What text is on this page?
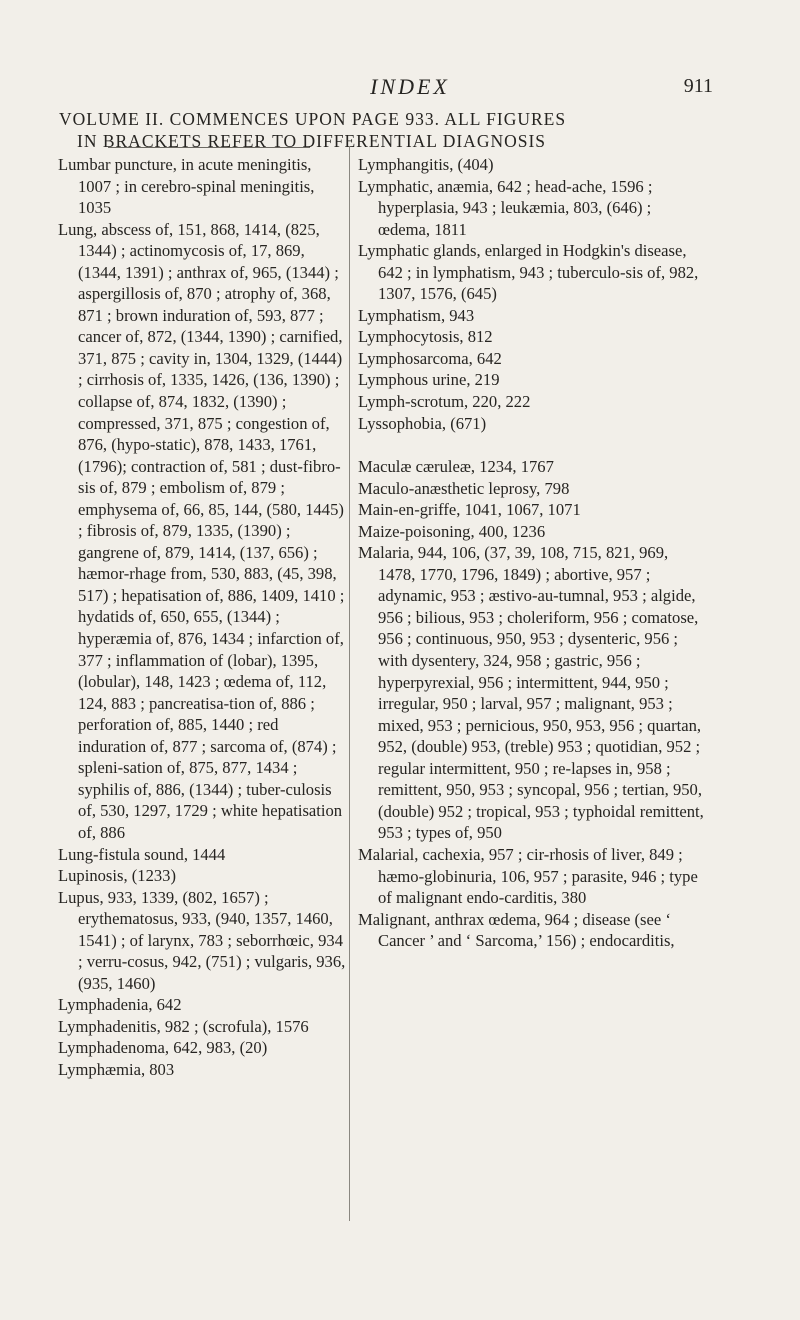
INDEX	911
VOLUME II. COMMENCES UPON PAGE 933. ALL FIGURES
IN BRACKETS REFER TO DIFFERENTIAL DIAGNOSIS
Lumbar puncture, in acute meningitis, 1007 ; in cerebro-spinal meningitis, 1035
Lung, abscess of, 151, 868, 1414, (825, 1344) ; actinomycosis of, 17, 869, (1344, 1391) ; anthrax of, 965, (1344) ; aspergillosis of, 870 ; atrophy of, 368, 871 ; brown induration of, 593, 877 ; cancer of, 872, (1344, 1390) ; carnified, 371, 875 ; cavity in, 1304, 1329, (1444) ; cirrhosis of, 1335, 1426, (136, 1390) ; collapse of, 874, 1832, (1390) ; compressed, 371, 875 ; congestion of, 876, (hypo-static), 878, 1433, 1761, (1796); contraction of, 581 ; dust-fibro-sis of, 879 ; embolism of, 879 ; emphysema of, 66, 85, 144, (580, 1445) ; fibrosis of, 879, 1335, (1390) ; gangrene of, 879, 1414, (137, 656) ; hæmor-rhage from, 530, 883, (45, 398, 517) ; hepatisation of, 886, 1409, 1410 ; hydatids of, 650, 655, (1344) ; hyperæmia of, 876, 1434 ; infarction of, 377 ; inflammation of (lobar), 1395, (lobular), 148, 1423 ; œdema of, 112, 124, 883 ; pancreatisa-tion of, 886 ; perforation of, 885, 1440 ; red induration of, 877 ; sarcoma of, (874) ; spleni-sation of, 875, 877, 1434 ; syphilis of, 886, (1344) ; tuber-culosis of, 530, 1297, 1729 ; white hepatisation of, 886
Lung-fistula sound, 1444
Lupinosis, (1233)
Lupus, 933, 1339, (802, 1657) ; erythematosus, 933, (940, 1357, 1460, 1541) ; of larynx, 783 ; seborrhœic, 934 ; verru-cosus, 942, (751) ; vulgaris, 936, (935, 1460)
Lymphadenia, 642
Lymphadenitis, 982 ; (scrofula), 1576
Lymphadenoma, 642, 983, (20)
Lymphæmia, 803
Lymphangitis, (404)
Lymphatic, anæmia, 642 ; head-ache, 1596 ; hyperplasia, 943 ; leukæmia, 803, (646) ; œdema, 1811
Lymphatic glands, enlarged in Hodgkin's disease, 642 ; in lymphatism, 943 ; tuberculo-sis of, 982, 1307, 1576, (645)
Lymphatism, 943
Lymphocytosis, 812
Lymphosarcoma, 642
Lymphous urine, 219
Lymph-scrotum, 220, 222
Lyssophobia, (671)
Maculæ cæruleæ, 1234, 1767
Maculo-anæsthetic leprosy, 798
Main-en-griffe, 1041, 1067, 1071
Maize-poisoning, 400, 1236
Malaria, 944, 106, (37, 39, 108, 715, 821, 969, 1478, 1770, 1796, 1849) ; abortive, 957 ; adynamic, 953 ; æstivo-au-tumnal, 953 ; algide, 956 ; bilious, 953 ; choleriform, 956 ; comatose, 956 ; continuous, 950, 953 ; dysenteric, 956 ; with dysentery, 324, 958 ; gastric, 956 ; hyperpyrexial, 956 ; intermittent, 944, 950 ; irregular, 950 ; larval, 957 ; malignant, 953 ; mixed, 953 ; pernicious, 950, 953, 956 ; quartan, 952, (double) 953, (treble) 953 ; quotidian, 952 ; regular intermittent, 950 ; re-lapses in, 958 ; remittent, 950, 953 ; syncopal, 956 ; tertian, 950, (double) 952 ; tropical, 953 ; typhoidal remittent, 953 ; types of, 950
Malarial, cachexia, 957 ; cir-rhosis of liver, 849 ; hæmo-globinuria, 106, 957 ; parasite, 946 ; type of malignant endo-carditis, 380
Malignant, anthrax œdema, 964 ; disease (see ‘ Cancer ’ and ‘ Sarcoma,’ 156) ; endocarditis,
